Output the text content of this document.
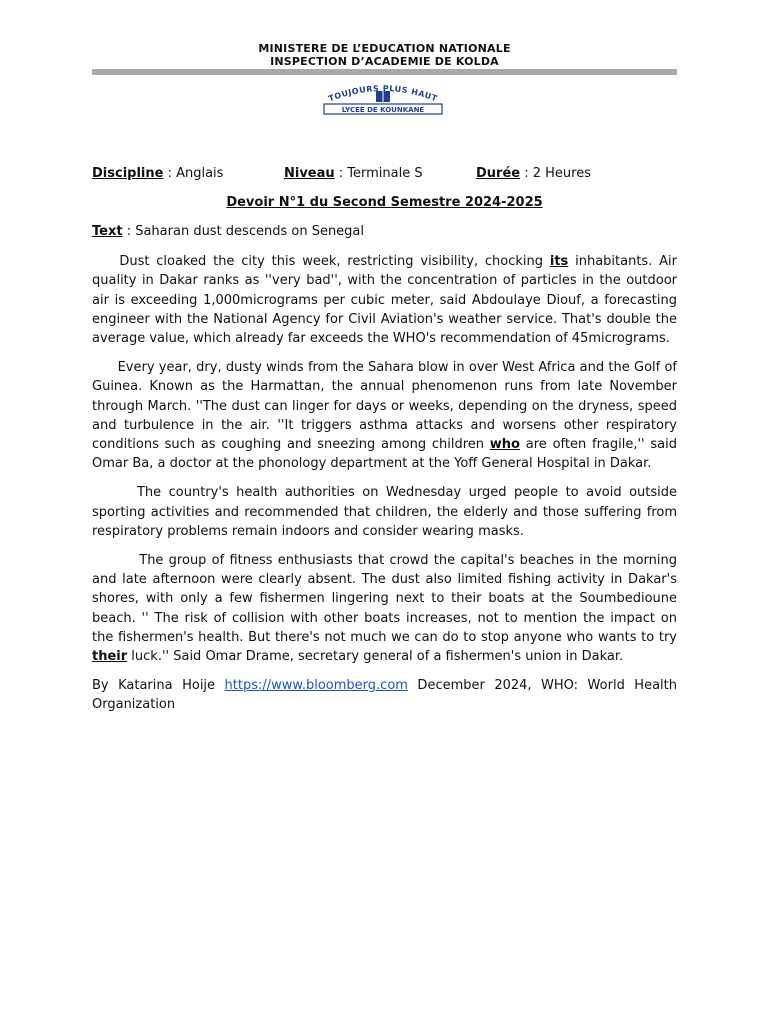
MINISTERE DE L’EDUCATION NATIONALE
INSPECTION D’ACADEMIE DE KOLDA
TOUJOURS PLUS HAUT
LYCEE DE KOUNKANE
Discipline : Anglais	Niveau : Terminale S	Durée : 2 Heures
Devoir N°1 du Second Semestre 2024-2025
Text : Saharan dust descends on Senegal

Dust cloaked the city this week, restricting visibility, chocking its inhabitants. Air quality in Dakar ranks as ''very bad'', with the concentration of particles in the outdoor air is exceeding 1,000micrograms per cubic meter, said Abdoulaye Diouf, a forecasting engineer with the National Agency for Civil Aviation's weather service. That's double the average value, which already far exceeds the WHO's recommendation of 45micrograms.

Every year, dry, dusty winds from the Sahara blow in over West Africa and the Golf of Guinea. Known as the Harmattan, the annual phenomenon runs from late November through March. ''The dust can linger for days or weeks, depending on the dryness, speed and turbulence in the air. ''It triggers asthma attacks and worsens other respiratory conditions such as coughing and sneezing among children who are often fragile,'' said Omar Ba, a doctor at the phonology department at the Yoff General Hospital in Dakar.

The country's health authorities on Wednesday urged people to avoid outside sporting activities and recommended that children, the elderly and those suffering from respiratory problems remain indoors and consider wearing masks.

The group of fitness enthusiasts that crowd the capital's beaches in the morning and late afternoon were clearly absent. The dust also limited fishing activity in Dakar's shores, with only a few fishermen lingering next to their boats at the Soumbedioune beach. '' The risk of collision with other boats increases, not to mention the impact on the fishermen's health. But there's not much we can do to stop anyone who wants to try their luck.'' Said Omar Drame, secretary general of a fishermen's union in Dakar.

By Katarina Hoije https://www.bloomberg.com December 2024, WHO: World Health Organization
